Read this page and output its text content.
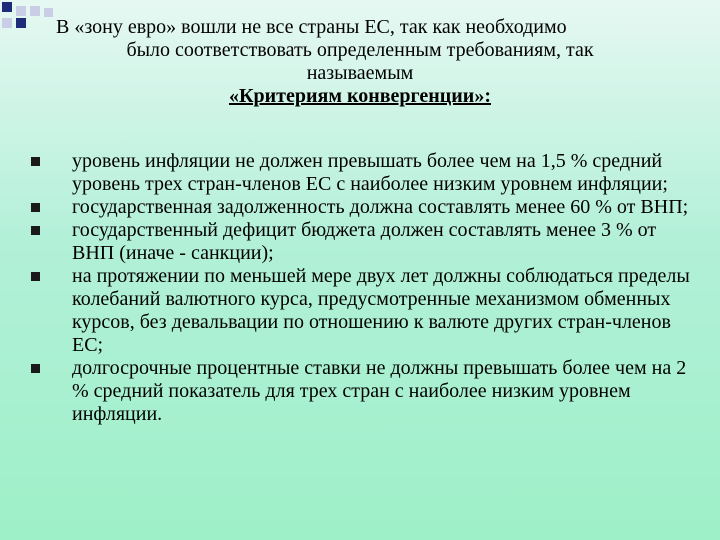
В «зону евро» вошли не все страны ЕС, так как необходимо
было соответствовать определенным требованиям, так
называемым
«Критериям конвергенции»:
уровень инфляции не должен превышать более чем на 1,5 % средний уровень трех стран-членов ЕС с наиболее низким уровнем инфляции;
государственная задолженность должна составлять менее 60 % от ВНП;
государственный дефицит бюджета должен составлять менее 3 % от ВНП (иначе - санкции);
на протяжении по меньшей мере двух лет должны соблюдаться пределы колебаний валютного курса, предусмотренные механизмом обменных курсов, без девальвации по отношению к валюте других стран-членов ЕС;
долгосрочные процентные ставки не должны превышать более чем на 2 % средний показатель для трех стран с наиболее низким уровнем инфляции.
